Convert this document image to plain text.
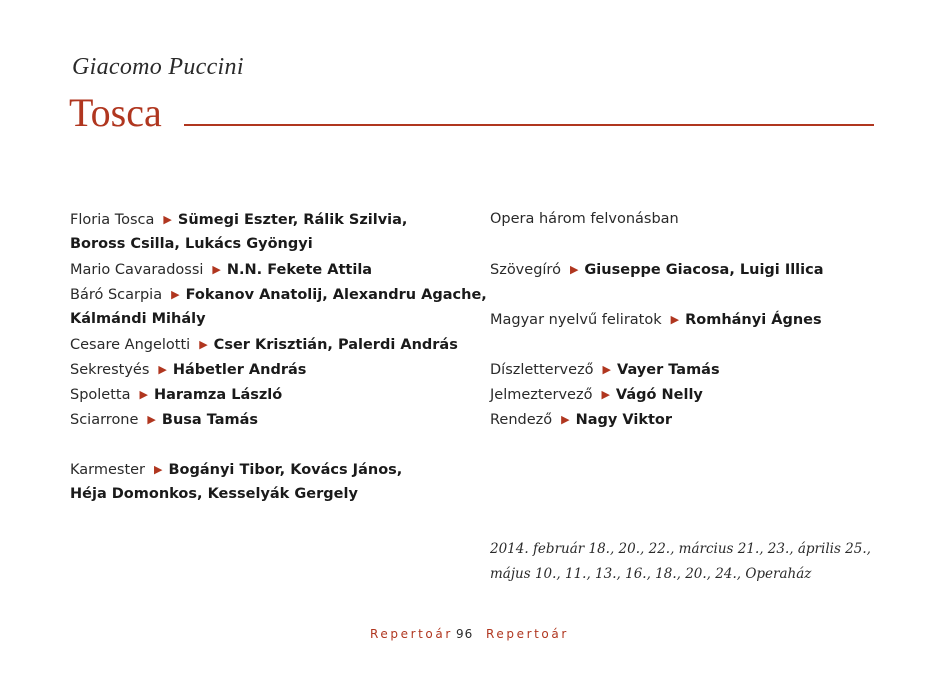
Giacomo Puccini
Tosca
Floria Tosca ▶ Sümegi Eszter, Rálik Szilvia,
Boross Csilla, Lukács Gyöngyi
Mario Cavaradossi ▶ N.N. Fekete Attila
Báró Scarpia ▶ Fokanov Anatolij, Alexandru Agache,
Kálmándi Mihály
Cesare Angelotti ▶ Cser Krisztián, Palerdi András
Sekrestyés ▶ Hábetler András
Spoletta ▶ Haramza László
Sciarrone ▶ Busa Tamás
Karmester ▶ Bogányi Tibor, Kovács János,
Héja Domonkos, Kesselyák Gergely
Opera három felvonásban
Szövegíró ▶ Giuseppe Giacosa, Luigi Illica
Magyar nyelvű feliratok ▶ Romhányi Ágnes
Díszlettervező ▶ Vayer Tamás
Jelmeztervező ▶ Vágó Nelly
Rendező ▶ Nagy Viktor
2014. február 18., 20., 22., március 21., 23., április 25.,
május 10., 11., 13., 16., 18., 20., 24., Operaház
Repertoár 96 Repertoár
